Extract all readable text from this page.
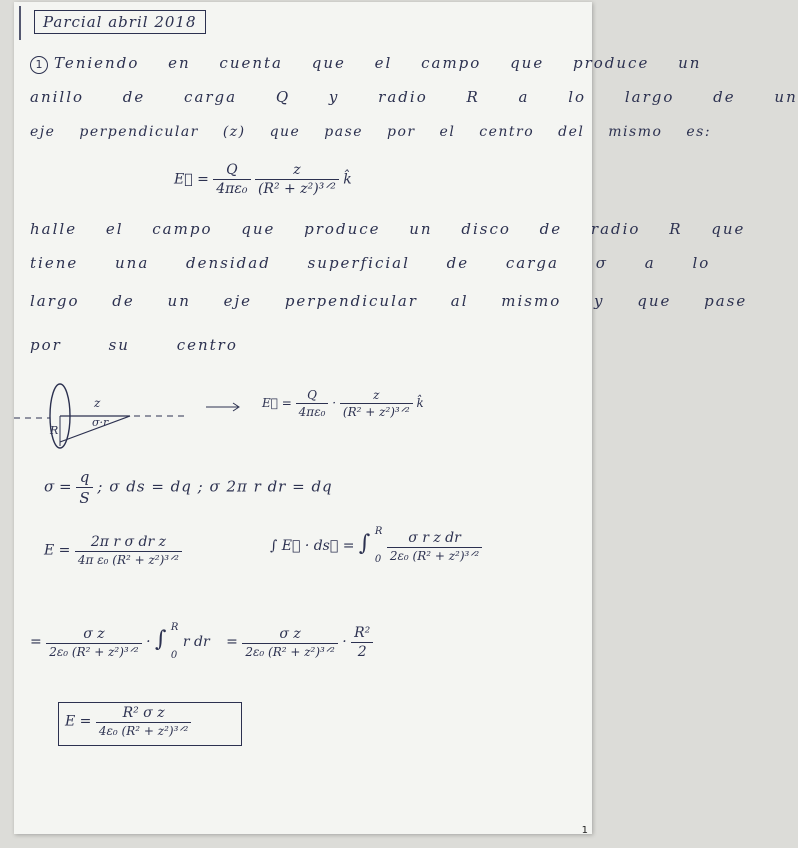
Parcial abril 2018
1 Teniendo en cuenta que el campo que produce un
anillo de carga Q y radio R a lo largo de un
eje perpendicular (z) que pase por el centro del mismo es:
E⃗ = $\frac{Q}{\text{4πε₀}}$
$\frac{z}{\text{(R² + z²)³ᐟ²}}$ k̂
halle el campo que produce un disco de radio R que
tiene una densidad superficial de carga σ a lo
largo de un eje perpendicular al mismo y que pase
por su centro
z
R
σ·r
E⃗ = $\frac{Q}{\text{4πε₀}} \cdot \frac{z}{\text{(R² + z²)³ᐟ²}}$ k̂
$\sigma = \frac{q}{S}$ ; σ ds = dq ; σ 2π r dr = dq
$E = \frac{\text{2π r σ dr z}}{\text{4π ε₀ (R² + z²)³ᐟ²}}$	∫ E⃗ · ds⃗ = ∫ R
0
$\frac{\text{σ r z dr}}{\text{2ε₀ (R² + z²)³ᐟ²}}$
= $\frac{\text{σ z}}{\text{2ε₀ (R² + z²)³ᐟ²}}$ · ∫ R
0
r dr = $\frac{\text{σ z}}{\text{2ε₀ (R² + z²)³ᐟ²}} \cdot \frac{\text{R²}}{2}$
$E = \frac{\text{R² σ z}}{\text{4ε₀ (R² + z²)³ᐟ²}}$
1
